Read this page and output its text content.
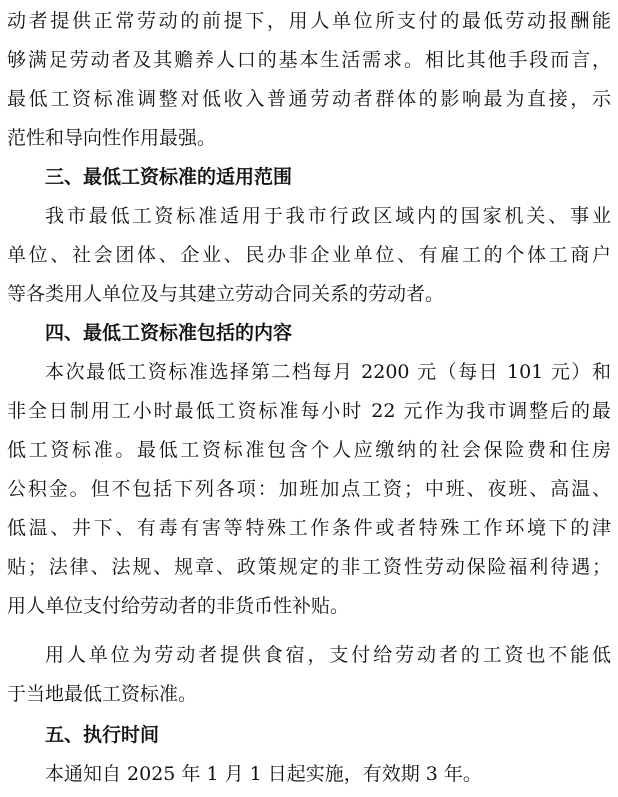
动者提供正常劳动的前提下，用人单位所支付的最低劳动报酬能
够满足劳动者及其赡养人口的基本生活需求。相比其他手段而言，
最低工资标准调整对低收入普通劳动者群体的影响最为直接，示
范性和导向性作用最强。
三、最低工资标准的适用范围
我市最低工资标准适用于我市行政区域内的国家机关、事业
单位、社会团体、企业、民办非企业单位、有雇工的个体工商户
等各类用人单位及与其建立劳动合同关系的劳动者。
四、最低工资标准包括的内容
本次最低工资标准选择第二档每月 2200 元（每日 101 元）和
非全日制用工小时最低工资标准每小时 22 元作为我市调整后的最
低工资标准。最低工资标准包含个人应缴纳的社会保险费和住房
公积金。但不包括下列各项：加班加点工资；中班、夜班、高温、
低温、井下、有毒有害等特殊工作条件或者特殊工作环境下的津
贴；法律、法规、规章、政策规定的非工资性劳动保险福利待遇；
用人单位支付给劳动者的非货币性补贴。
用人单位为劳动者提供食宿，支付给劳动者的工资也不能低
于当地最低工资标准。
五、执行时间
本通知自 2025 年 1 月 1 日起实施，有效期 3 年。
